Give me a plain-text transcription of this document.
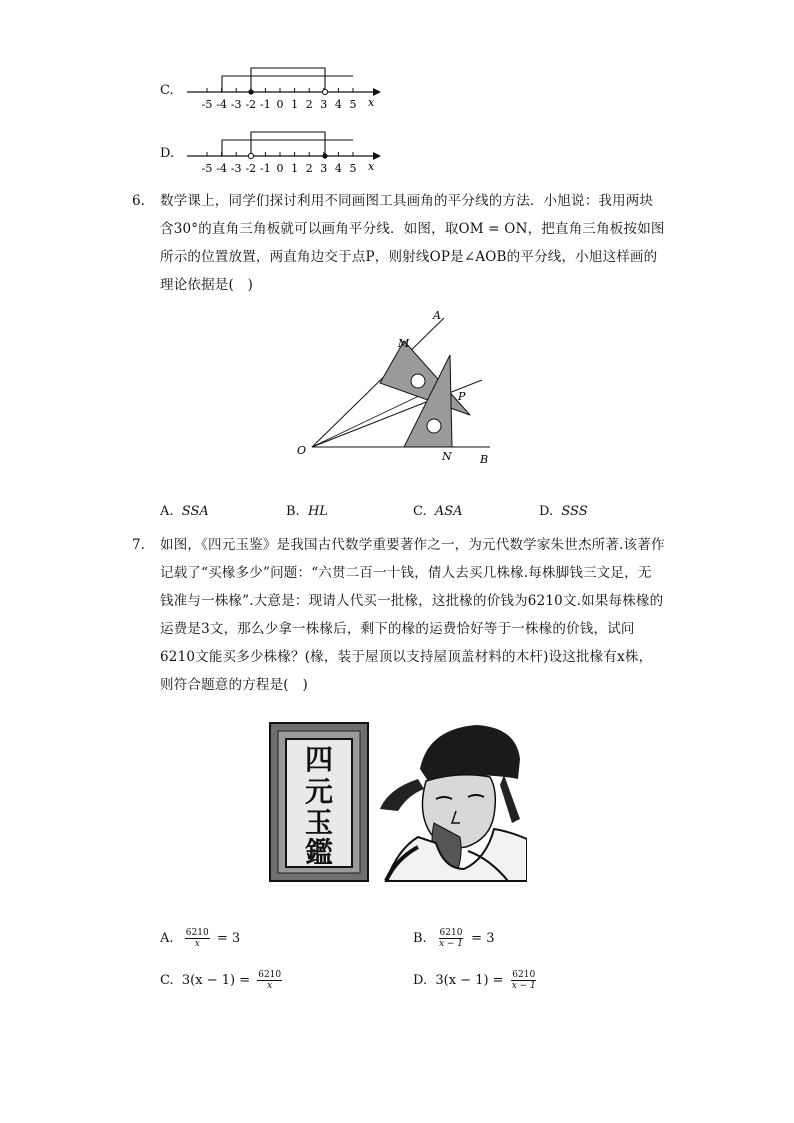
C.
-5 -4 -3 -2 -1 0 1 2 3 4 5 x
D.
-5 -4 -3 -2 -1 0 1 2 3 4 5 x
6. 数学课上，同学们探讨利用不同画图工具画角的平分线的方法．小旭说：我用两块含30°的直角三角板就可以画角平分线．如图，取OM = ON，把直角三角板按如图所示的位置放置，两直角边交于点P，则射线OP是∠AOB的平分线，小旭这样画的理论依据是(　)
A
M
P
O	N	B
A. SSA	B. HL	C. ASA	D. SSS
7. 如图，《四元玉鉴》是我国古代数学重要著作之一，为元代数学家朱世杰所著.该著作记载了“买椽多少”问题：“六贯二百一十钱，倩人去买几株椽.每株脚钱三文足，无钱准与一株椽”.大意是：现请人代买一批椽，这批椽的价钱为6210文.如果每株椽的运费是3文，那么少拿一株椽后，剩下的椽的运费恰好等于一株椽的价钱，试问6210文能买多少株椽？(椽，装于屋顶以支持屋顶盖材料的木杆)设这批椽有x株，则符合题意的方程是(　)
四
元
玉
鑑
A. $\frac{6210}{x} = 3$	B. $\frac{6210}{x - 1} = 3$
C. $3(x - 1) = \frac{6210}{x}$	D. $3(x - 1) = \frac{6210}{x - 1}$
